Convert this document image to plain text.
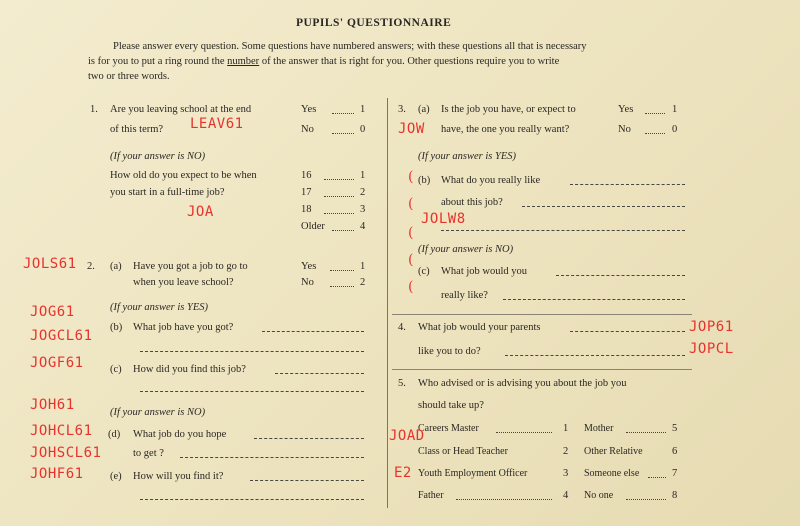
PUPILS' QUESTIONNAIRE
Please answer every question. Some questions have numbered answers; with these questions all that is necessary
is for you to put a ring round the number of the answer that is right for you. Other questions require you to write
two or three words.
1. Are you leaving school at the end
of this term?
Yes	1
No	0
(If your answer is NO)
How old do you expect to be when
you start in a full-time job?
16	1
17	2
18	3
Older	4
2. (a) Have you got a job to go to
when you leave school?
Yes	1
No	2
(If your answer is YES)
(b) What job have you got?
(c) How did you find this job?
(If your answer is NO)
(d) What job do you hope
to get ?
(e) How will you find it?
3. (a) Is the job you have, or expect to
have, the one you really want?
Yes	1
No	0
(If your answer is YES)
(b) What do you really like
about this job?
(If your answer is NO)
(c) What job would you
really like?
4. What job would your parents
like you to do?
5. Who advised or is advising you about the job you
should take up?
Careers Master	1
Class or Head Teacher	2
Youth Employment Officer	3
Father	4
Mother	5
Other Relative	6
Someone else	7
No one	8
LEAV61
JOA
JOLS61
JOG61
JOGCL61
JOGF61
JOH61
JOHCL61
JOHSCL61
JOHF61
JOW
JOLW8
JOP61
JOPCL
JOAD
E2
(
(
(
(
(
